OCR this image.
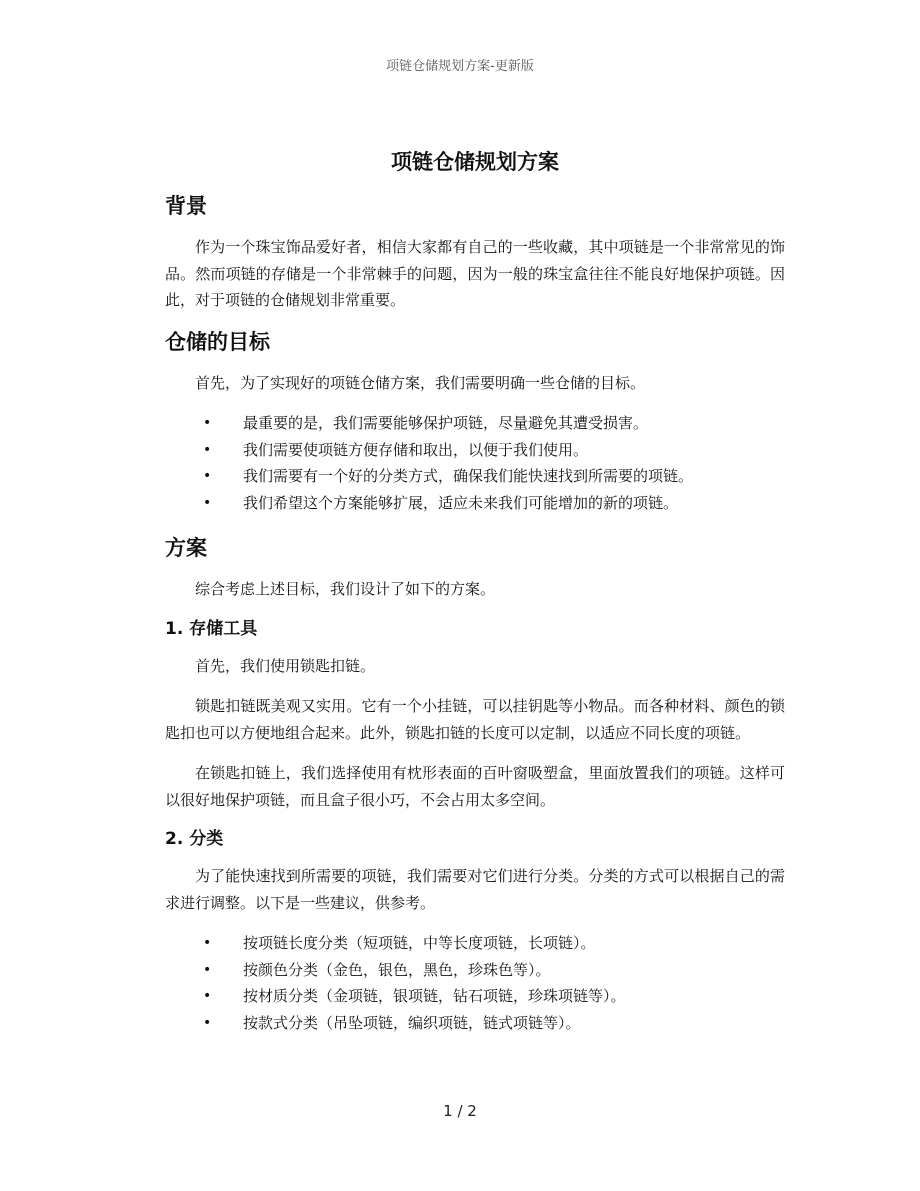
项链仓储规划方案-更新版
项链仓储规划方案
背景

作为一个珠宝饰品爱好者，相信大家都有自己的一些收藏，其中项链是一个非常常见的饰品。然而项链的存储是一个非常棘手的问题，因为一般的珠宝盒往往不能良好地保护项链。因此，对于项链的仓储规划非常重要。

仓储的目标

首先，为了实现好的项链仓储方案，我们需要明确一些仓储的目标。

• 最重要的是，我们需要能够保护项链，尽量避免其遭受损害。
• 我们需要使项链方便存储和取出，以便于我们使用。
• 我们需要有一个好的分类方式，确保我们能快速找到所需要的项链。
• 我们希望这个方案能够扩展，适应未来我们可能增加的新的项链。
方案

综合考虑上述目标，我们设计了如下的方案。

1. 存储工具

首先，我们使用锁匙扣链。

锁匙扣链既美观又实用。它有一个小挂链，可以挂钥匙等小物品。而各种材料、颜色的锁匙扣也可以方便地组合起来。此外，锁匙扣链的长度可以定制，以适应不同长度的项链。

在锁匙扣链上，我们选择使用有枕形表面的百叶窗吸塑盒，里面放置我们的项链。这样可以很好地保护项链，而且盒子很小巧，不会占用太多空间。

2. 分类

为了能快速找到所需要的项链，我们需要对它们进行分类。分类的方式可以根据自己的需求进行调整。以下是一些建议，供参考。

• 按项链长度分类（短项链，中等长度项链，长项链）。
• 按颜色分类（金色，银色，黑色，珍珠色等）。
• 按材质分类（金项链，银项链，钻石项链，珍珠项链等）。
• 按款式分类（吊坠项链，编织项链，链式项链等）。
1 / 2
